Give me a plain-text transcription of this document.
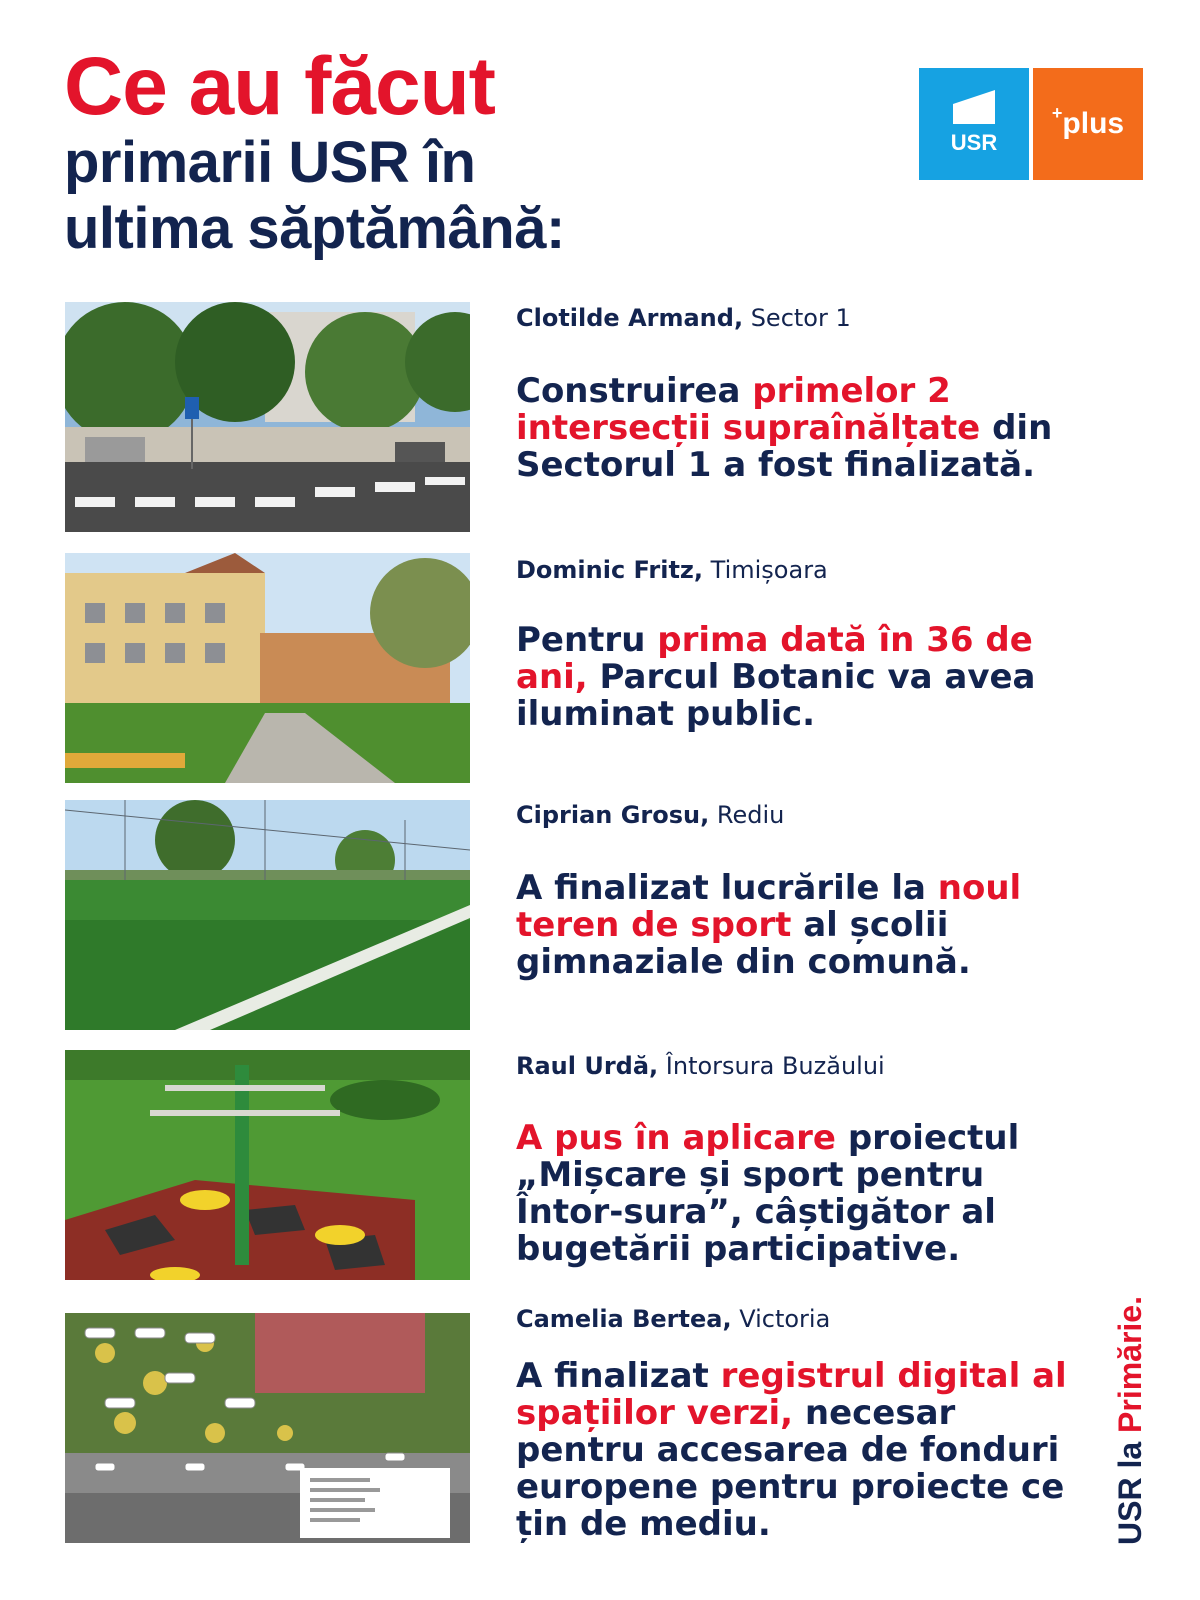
Ce au făcut
primarii USR în
ultima săptămână:
USR
+plus
Clotilde Armand, Sector 1
Construirea primelor 2 intersecții supraînălțate din Sectorul 1 a fost finalizată.
Dominic Fritz, Timișoara
Pentru prima dată în 36 de ani, Parcul Botanic va avea iluminat public.
Ciprian Grosu, Rediu
A finalizat lucrările la noul teren de sport al școlii gimnaziale din comună.
Raul Urdă, Întorsura Buzăului
A pus în aplicare proiectul „Mișcare și sport pentru Întor-sura”, câștigător al bugetării participative.
Camelia Bertea, Victoria
A finalizat registrul digital al spațiilor verzi, necesar pentru accesarea de fonduri europene pentru proiecte ce țin de mediu.	USR la Primărie.
